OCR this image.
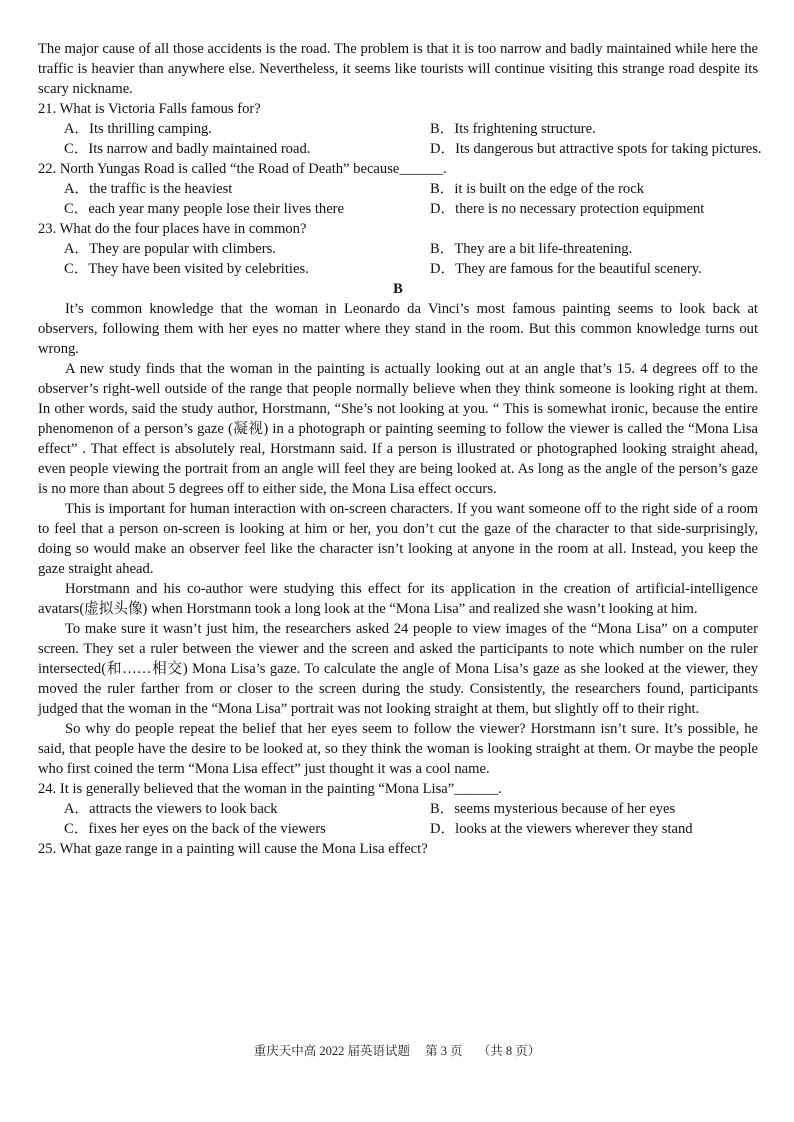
The major cause of all those accidents is the road. The problem is that it is too narrow and badly maintained while here the traffic is heavier than anywhere else. Nevertheless, it seems like tourists will continue visiting this strange road despite its scary nickname.

21. What is Victoria Falls famous for?

A．Its thrilling camping.	B．Its frightening structure.
C．Its narrow and badly maintained road.	D．Its dangerous but attractive spots for taking pictures.

22. North Yungas Road is called “the Road of Death” because______.

A．the traffic is the heaviest	B．it is built on the edge of the rock
C．each year many people lose their lives there	D．there is no necessary protection equipment

23. What do the four places have in common?

A．They are popular with climbers.	B．They are a bit life-threatening.
C．They have been visited by celebrities.	D．They are famous for the beautiful scenery.

B

It’s common knowledge that the woman in Leonardo da Vinci’s most famous painting seems to look back at observers, following them with her eyes no matter where they stand in the room. But this common knowledge turns out wrong.

A new study finds that the woman in the painting is actually looking out at an angle that’s 15. 4 degrees off to the observer’s right-well outside of the range that people normally believe when they think someone is looking right at them. In other words, said the study author, Horstmann, “She’s not looking at you. “ This is somewhat ironic, because the entire phenomenon of a person’s gaze (凝视) in a photograph or painting seeming to follow the viewer is called the “Mona Lisa effect” . That effect is absolutely real, Horstmann said. If a person is illustrated or photographed looking straight ahead, even people viewing the portrait from an angle will feel they are being looked at. As long as the angle of the person’s gaze is no more than about 5 degrees off to either side, the Mona Lisa effect occurs.

This is important for human interaction with on-screen characters. If you want someone off to the right side of a room to feel that a person on-screen is looking at him or her, you don’t cut the gaze of the character to that side-surprisingly, doing so would make an observer feel like the character isn’t looking at anyone in the room at all. Instead, you keep the gaze straight ahead.

Horstmann and his co-author were studying this effect for its application in the creation of artificial-intelligence avatars(虚拟头像) when Horstmann took a long look at the “Mona Lisa” and realized she wasn’t looking at him.

To make sure it wasn’t just him, the researchers asked 24 people to view images of the “Mona Lisa” on a computer screen. They set a ruler between the viewer and the screen and asked the participants to note which number on the ruler intersected(和……相交) Mona Lisa’s gaze. To calculate the angle of Mona Lisa’s gaze as she looked at the viewer, they moved the ruler farther from or closer to the screen during the study. Consistently, the researchers found, participants judged that the woman in the “Mona Lisa” portrait was not looking straight at them, but slightly off to their right.

So why do people repeat the belief that her eyes seem to follow the viewer? Horstmann isn’t sure. It’s possible, he said, that people have the desire to be looked at, so they think the woman is looking straight at them. Or maybe the people who first coined the term “Mona Lisa effect” just thought it was a cool name.

24. It is generally believed that the woman in the painting “Mona Lisa”______.

A．attracts the viewers to look back	B．seems mysterious because of her eyes
C．fixes her eyes on the back of the viewers	D．looks at the viewers wherever they stand

25. What gaze range in a painting will cause the Mona Lisa effect?

重庆天中高 2022 届英语试题 第 3 页 （共 8 页）
